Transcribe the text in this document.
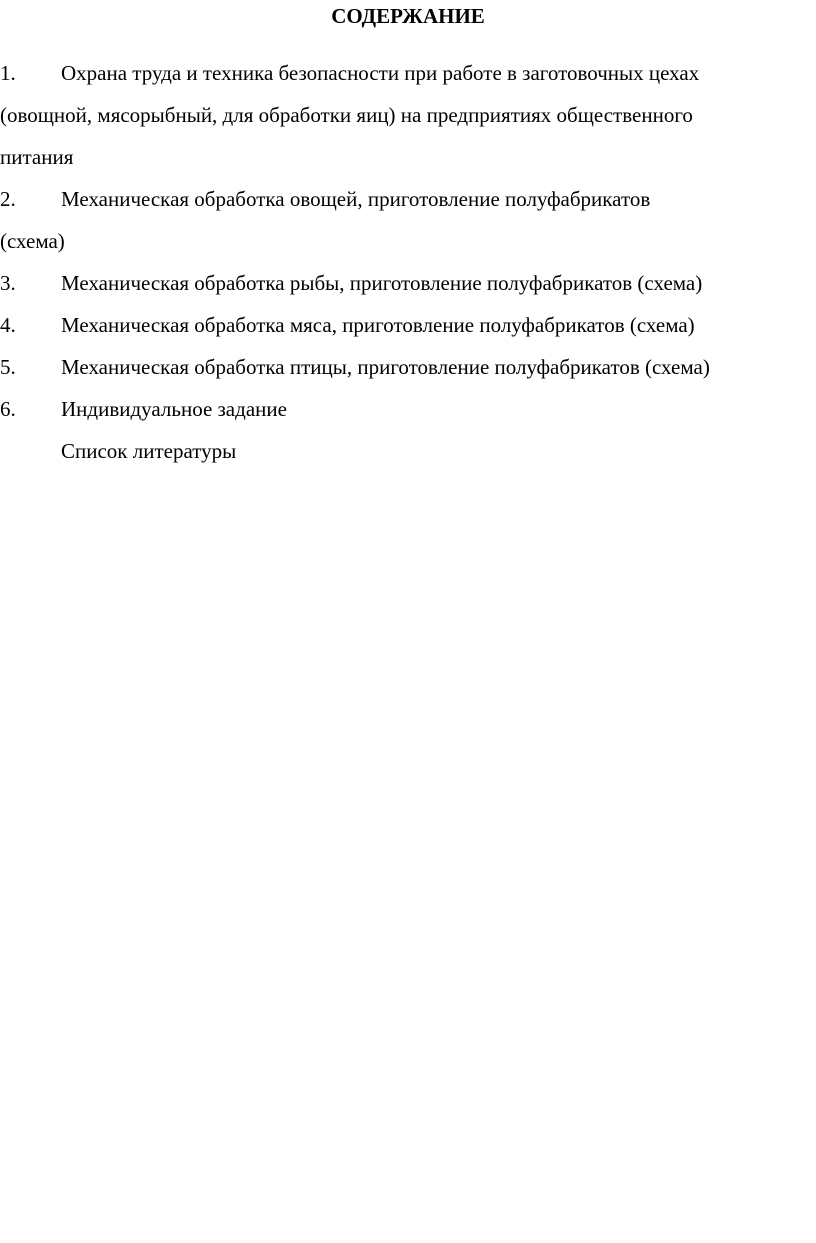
СОДЕРЖАНИЕ
1. Охрана труда и техника безопасности при работе в заготовочных цехах
(овощной, мясорыбный, для обработки яиц) на предприятиях общественного
питания
2. Механическая обработка овощей, приготовление полуфабрикатов
(схема)
3. Механическая обработка рыбы, приготовление полуфабрикатов (схема)
4. Механическая обработка мяса, приготовление полуфабрикатов (схема)
5. Механическая обработка птицы, приготовление полуфабрикатов (схема)
6. Индивидуальное задание
Список литературы
